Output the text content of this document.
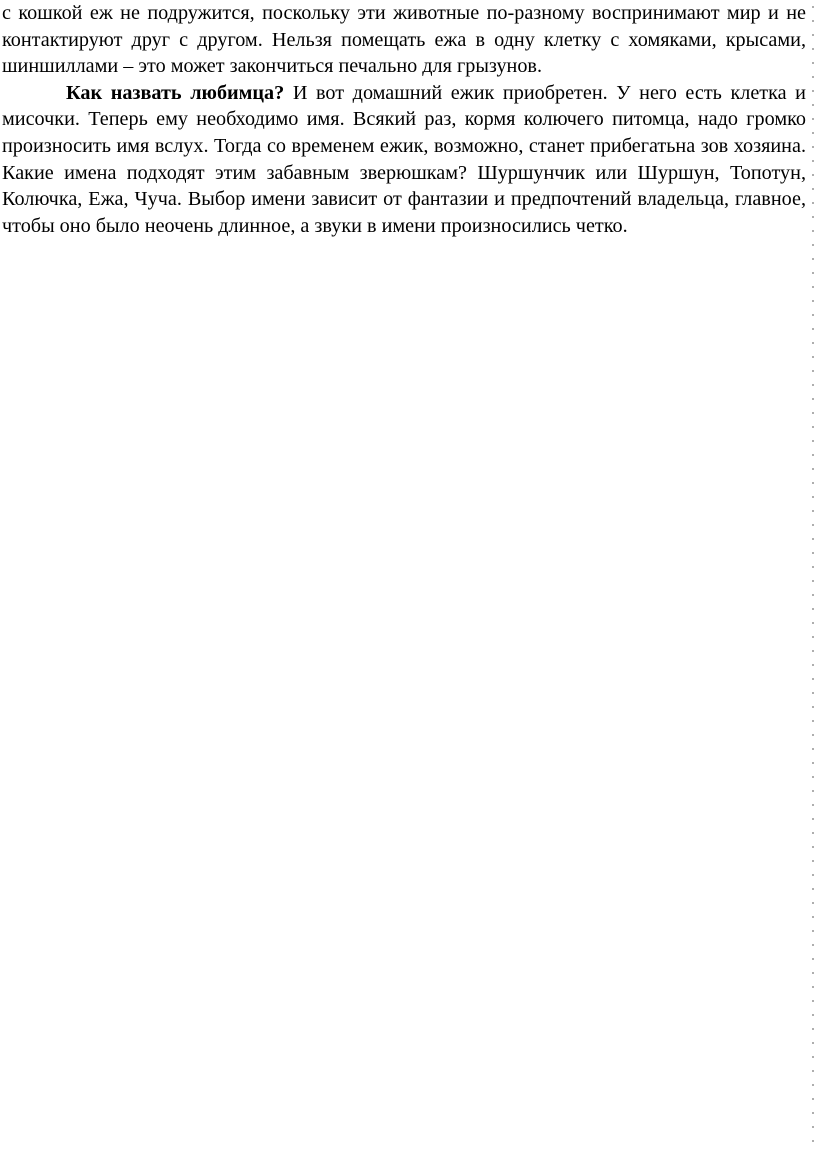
с кошкой еж не подружится, поскольку эти животные по-разному воспринимают мир и не контактируют друг с другом. Нельзя помещать ежа в одну клетку с хомяками, крысами, шиншиллами – это может закончиться печально для грызунов.

Как назвать любимца? И вот домашний ежик приобретен. У него есть клетка и мисочки. Теперь ему необходимо имя. Всякий раз, кормя колючего питомца, надо громко произносить имя вслух. Тогда со временем ежик, возможно, станет прибегатьна зов хозяина. Какие имена подходят этим забавным зверюшкам? Шуршунчик или Шуршун, Топотун, Колючка, Ежа, Чуча. Выбор имени зависит от фантазии и предпочтений владельца, главное, чтобы оно было неочень длинное, а звуки в имени произносились четко.
